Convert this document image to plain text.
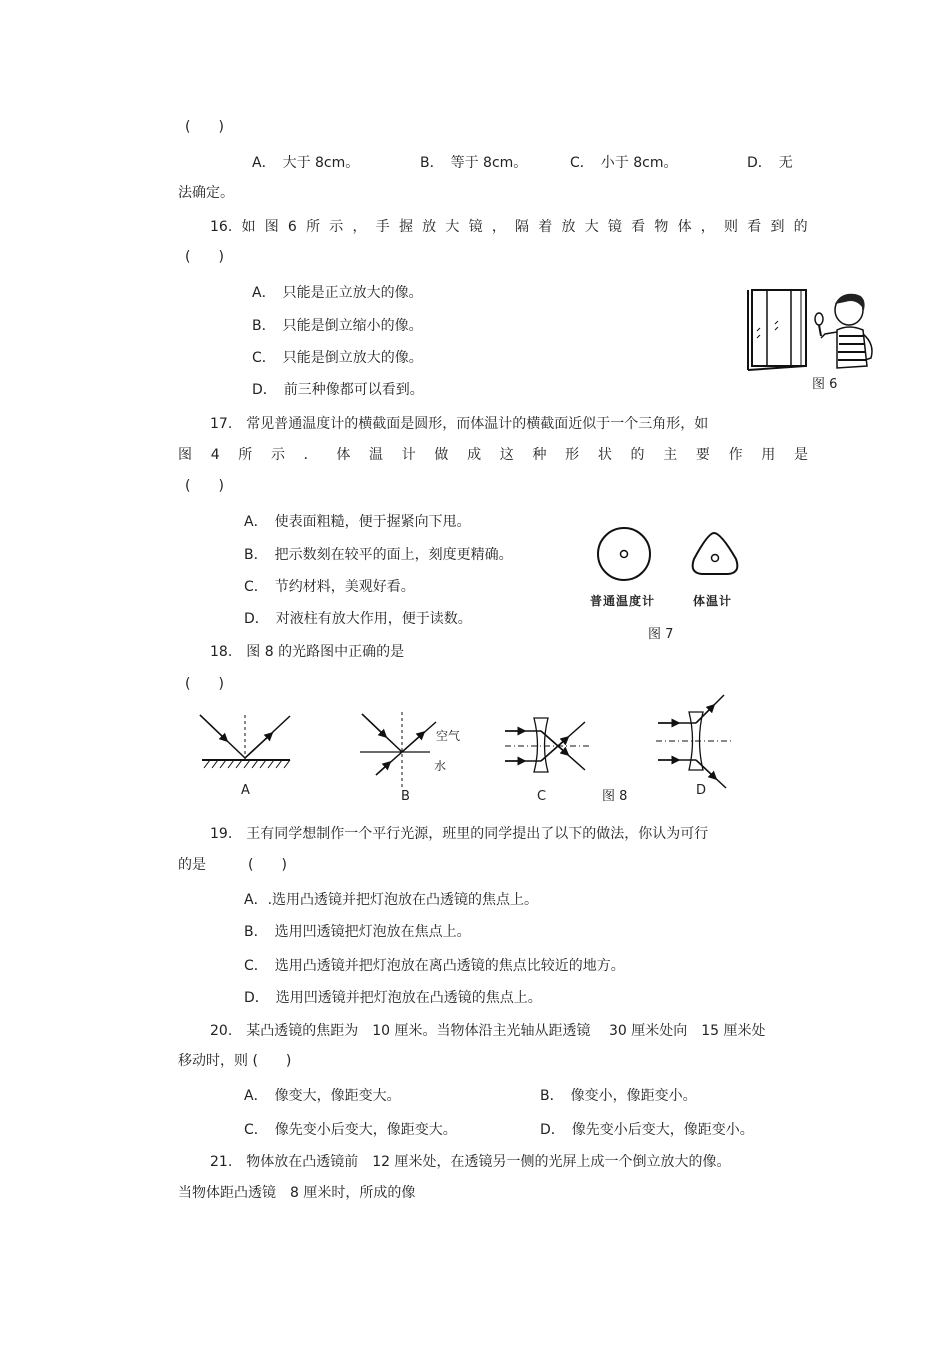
(　　)
A．　大于 8cm。	B．　等于 8cm。	C．　小于 8cm。	D．　无
法确定。
16. 如 图 6 所 示 ， 手 握 放 大 镜 ， 隔 着 放 大 镜 看 物 体 ， 则 看 到 的
(　　)
A．　只能是正立放大的像。
B．　只能是倒立缩小的像。
C．　只能是倒立放大的像。
D．　前三种像都可以看到。	图 6
17.　常见普通温度计的横截面是圆形，而体温计的横截面近似于一个三角形，如
图 4 所 示 ． 体 温 计 做 成 这 种 形 状 的 主 要 作 用 是
(　　)
A．　使表面粗糙，便于握紧向下甩。
B．　把示数刻在较平的面上，刻度更精确。
C．　节约材料，美观好看。
D．　对液柱有放大作用，便于读数。
普通温度计	体温计
图 7
18.　图 8 的光路图中正确的是
(　　)
A
空气
水
B	C	图 8	D
19.　王有同学想制作一个平行光源，班里的同学提出了以下的做法，你认为可行
的是　　　(　　)
A．.选用凸透镜并把灯泡放在凸透镜的焦点上。
B．　选用凹透镜把灯泡放在焦点上。
C．　选用凸透镜并把灯泡放在离凸透镜的焦点比较近的地方。
D．　选用凹透镜并把灯泡放在凸透镜的焦点上。
20.　某凸透镜的焦距为　10 厘米。当物体沿主光轴从距透镜　 30 厘米处向　15 厘米处
移动时，则 (　　)
A．　像变大，像距变大。	B．　像变小，像距变小。
C．　像先变小后变大，像距变大。	D．　像先变小后变大，像距变小。
21.　物体放在凸透镜前　12 厘米处，在透镜另一侧的光屏上成一个倒立放大的像。
当物体距凸透镜　8 厘米时，所成的像
